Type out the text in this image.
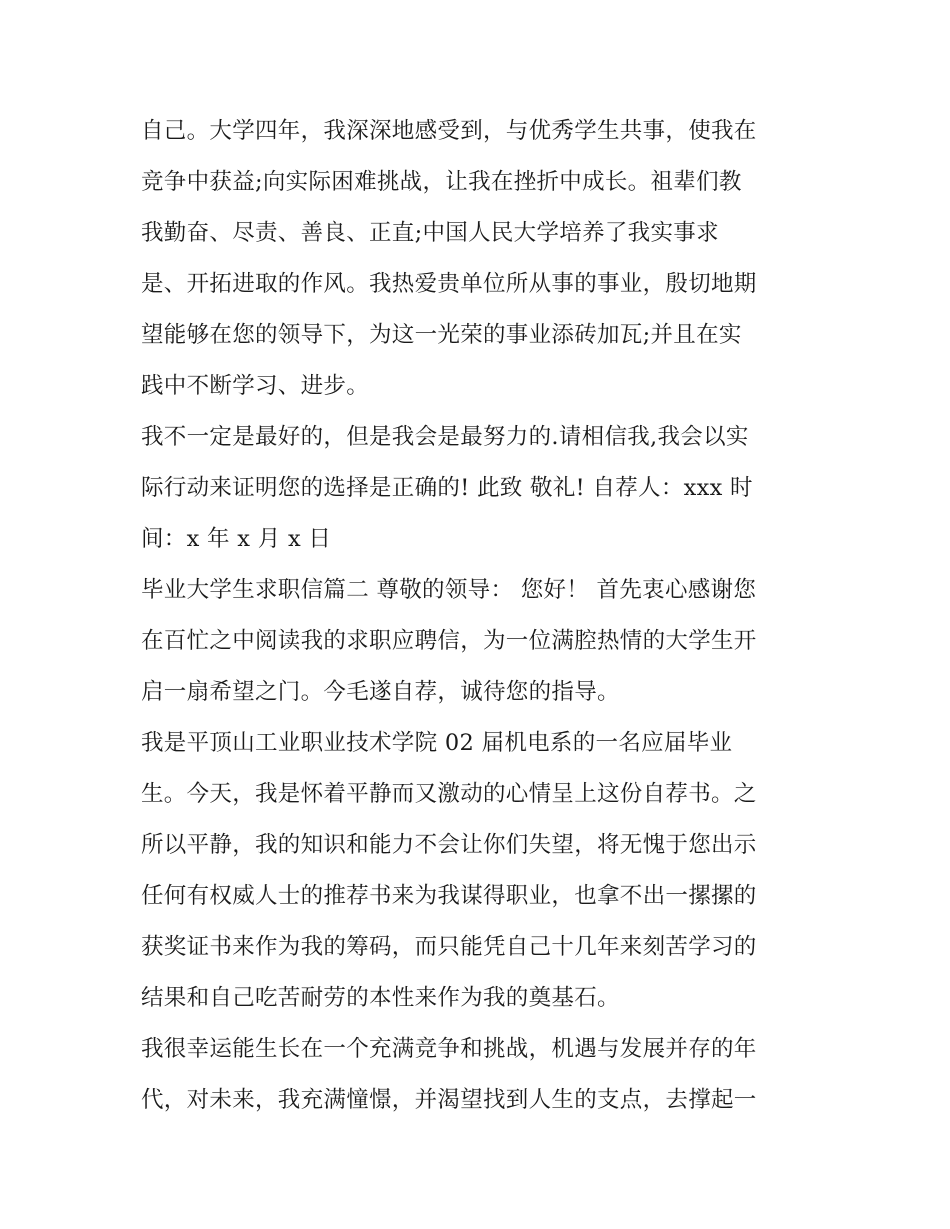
自己。大学四年，我深深地感受到，与优秀学生共事，使我在
竞争中获益;向实际困难挑战，让我在挫折中成长。祖辈们教
我勤奋、尽责、善良、正直;中国人民大学培养了我实事求
是、开拓进取的作风。我热爱贵单位所从事的事业，殷切地期
望能够在您的领导下，为这一光荣的事业添砖加瓦;并且在实
践中不断学习、进步。
我不一定是最好的，但是我会是最努力的.请相信我,我会以实
际行动来证明您的选择是正确的! 此致 敬礼! 自荐人：xxx 时
间：x 年 x 月 x 日
毕业大学生求职信篇二 尊敬的领导： 您好！ 首先衷心感谢您
在百忙之中阅读我的求职应聘信，为一位满腔热情的大学生开
启一扇希望之门。今毛遂自荐，诚待您的指导。
我是平顶山工业职业技术学院 02 届机电系的一名应届毕业
生。今天，我是怀着平静而又激动的心情呈上这份自荐书。之
所以平静，我的知识和能力不会让你们失望，将无愧于您出示
任何有权威人士的推荐书来为我谋得职业，也拿不出一摞摞的
获奖证书来作为我的筹码，而只能凭自己十几年来刻苦学习的
结果和自己吃苦耐劳的本性来作为我的奠基石。
我很幸运能生长在一个充满竞争和挑战，机遇与发展并存的年
代，对未来，我充满憧憬，并渴望找到人生的支点，去撑起一
